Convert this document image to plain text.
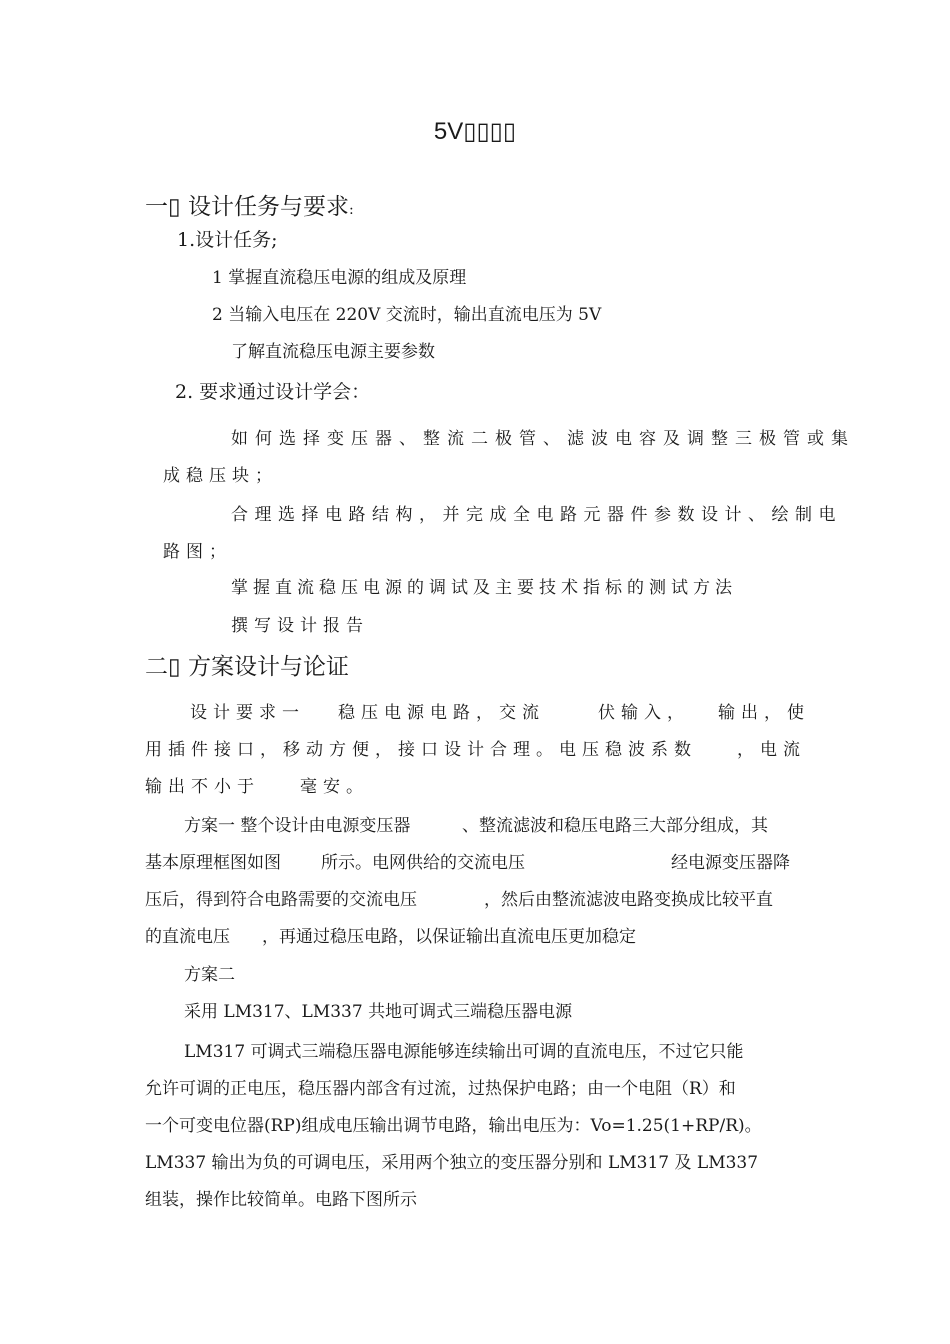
5V▯▯▯▯
一▯ 设计任务与要求:
1.设计任务;
1 掌握直流稳压电源的组成及原理
2 当输入电压在 220V 交流时，输出直流电压为 5V
了解直流稳压电源主要参数
2. 要求通过设计学会：
如何选择变压器、整流二极管、滤波电容及调整三极管或集
成稳压块；
合理选择电路结构，并完成全电路元器件参数设计、绘制电
路图；
掌握直流稳压电源的调试及主要技术指标的测试方法
撰写设计报告
二▯ 方案设计与论证
设计要求一 稳压电源电路，交流	伏输入， 输出，使
用插件接口，移动方便，接口设计合理。电压稳波系数 ，电流
输出不小于 毫安。
方案一 整个设计由电源变压器	、整流滤波和稳压电路三大部分组成，其
基本原理框图如图 所示。电网供给的交流电压	经电源变压器降
压后，得到符合电路需要的交流电压	，然后由整流滤波电路变换成比较平直
的直流电压 ，再通过稳压电路，以保证输出直流电压更加稳定
方案二
采用 LM317、LM337 共地可调式三端稳压器电源
LM317 可调式三端稳压器电源能够连续输出可调的直流电压，不过它只能
允许可调的正电压，稳压器内部含有过流，过热保护电路；由一个电阻（R）和
一个可变电位器(RP)组成电压输出调节电路，输出电压为：Vo=1.25(1+RP/R)。
LM337 输出为负的可调电压，采用两个独立的变压器分别和 LM317 及 LM337
组装，操作比较简单。电路下图所示
